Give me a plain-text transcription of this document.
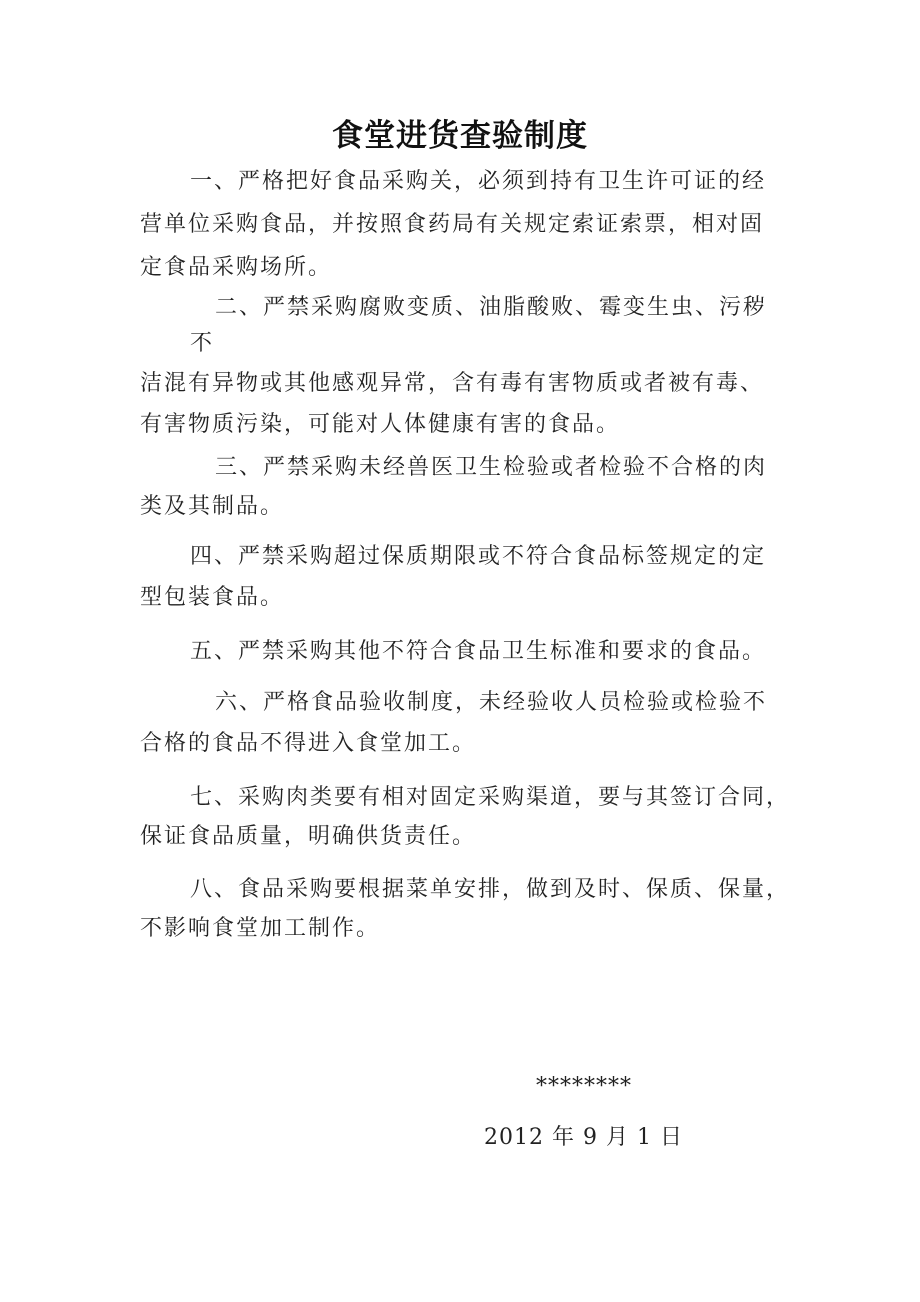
食堂进货查验制度
一、严格把好食品采购关，必须到持有卫生许可证的经
营单位采购食品，并按照食药局有关规定索证索票，相对固
定食品采购场所。
二、严禁采购腐败变质、油脂酸败、霉变生虫、污秽
不
洁混有异物或其他感观异常，含有毒有害物质或者被有毒、
有害物质污染，可能对人体健康有害的食品。
三、严禁采购未经兽医卫生检验或者检验不合格的肉
类及其制品。
四、严禁采购超过保质期限或不符合食品标签规定的定
型包装食品。
五、严禁采购其他不符合食品卫生标准和要求的食品。
六、严格食品验收制度，未经验收人员检验或检验不
合格的食品不得进入食堂加工。
七、采购肉类要有相对固定采购渠道，要与其签订合同，
保证食品质量，明确供货责任。
八、食品采购要根据菜单安排，做到及时、保质、保量，
不影响食堂加工制作。
********
2012 年 9 月 1 日
